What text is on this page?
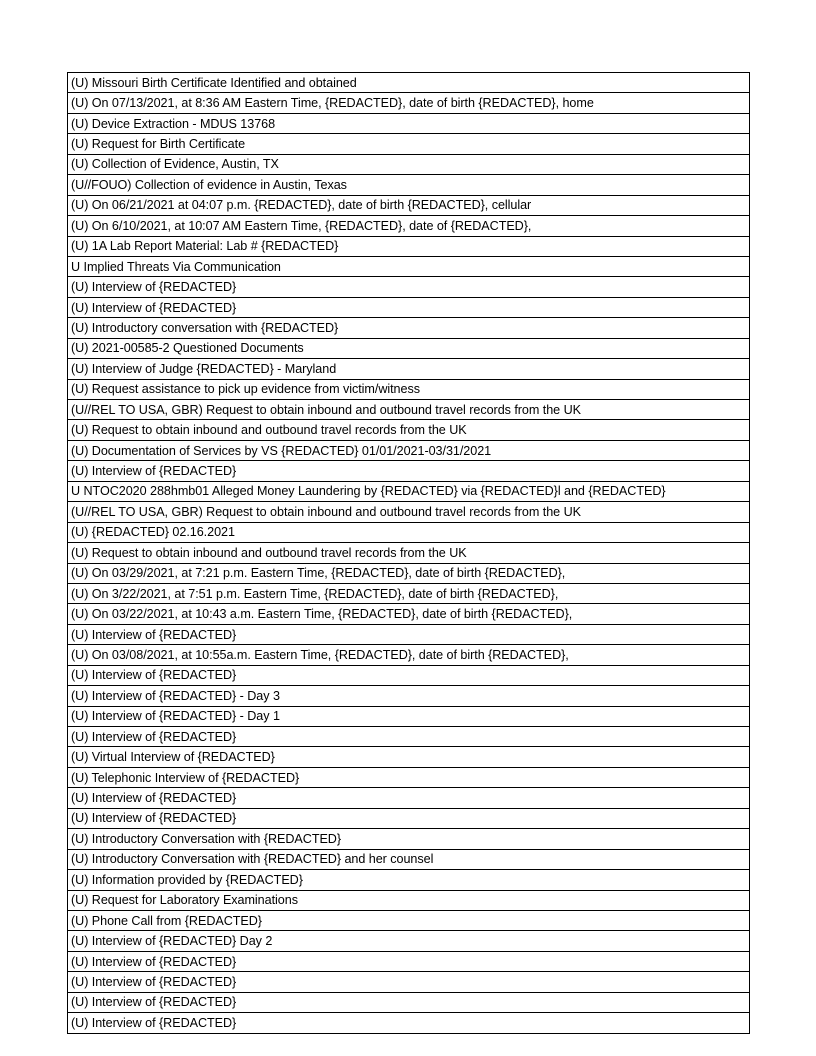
(U) Missouri Birth Certificate Identified and obtained
(U) On 07/13/2021, at 8:36 AM Eastern Time, {REDACTED}, date of birth {REDACTED}, home
(U) Device Extraction - MDUS 13768
(U) Request for Birth Certificate
(U) Collection of Evidence, Austin, TX
(U//FOUO) Collection of evidence in Austin, Texas
(U) On 06/21/2021 at 04:07 p.m. {REDACTED}, date of birth {REDACTED}, cellular
(U) On 6/10/2021, at 10:07 AM Eastern Time, {REDACTED}, date of {REDACTED},
(U) 1A Lab Report Material: Lab # {REDACTED}
U Implied Threats Via Communication
(U) Interview of {REDACTED}
(U) Interview of {REDACTED}
(U) Introductory conversation with {REDACTED}
(U) 2021-00585-2 Questioned Documents
(U) Interview of Judge {REDACTED} - Maryland
(U) Request assistance to pick up evidence from victim/witness
(U//REL TO USA, GBR) Request to obtain inbound and outbound travel records from the UK
(U) Request to obtain inbound and outbound travel records from the UK
(U) Documentation of Services by VS {REDACTED} 01/01/2021-03/31/2021
(U) Interview of {REDACTED}
U NTOC2020 288hmb01 Alleged Money Laundering by {REDACTED} via {REDACTED}l and {REDACTED}
(U//REL TO USA, GBR) Request to obtain inbound and outbound travel records from the UK
(U) {REDACTED} 02.16.2021
(U) Request to obtain inbound and outbound travel records from the UK
(U) On 03/29/2021, at 7:21 p.m. Eastern Time, {REDACTED}, date of birth {REDACTED},
(U) On 3/22/2021, at 7:51 p.m. Eastern Time, {REDACTED}, date of birth {REDACTED},
(U) On 03/22/2021, at 10:43 a.m. Eastern Time, {REDACTED}, date of birth {REDACTED},
(U) Interview of {REDACTED}
(U) On 03/08/2021, at 10:55a.m. Eastern Time, {REDACTED}, date of birth {REDACTED},
(U) Interview of {REDACTED}
(U) Interview of {REDACTED} - Day 3
(U) Interview of {REDACTED} - Day 1
(U) Interview of {REDACTED}
(U) Virtual Interview of {REDACTED}
(U) Telephonic Interview of {REDACTED}
(U) Interview of {REDACTED}
(U) Interview of {REDACTED}
(U) Introductory Conversation with {REDACTED}
(U) Introductory Conversation with {REDACTED} and her counsel
(U) Information provided by {REDACTED}
(U) Request for Laboratory Examinations
(U) Phone Call from {REDACTED}
(U) Interview of {REDACTED} Day 2
(U) Interview of {REDACTED}
(U) Interview of {REDACTED}
(U) Interview of {REDACTED}
(U) Interview of {REDACTED}
